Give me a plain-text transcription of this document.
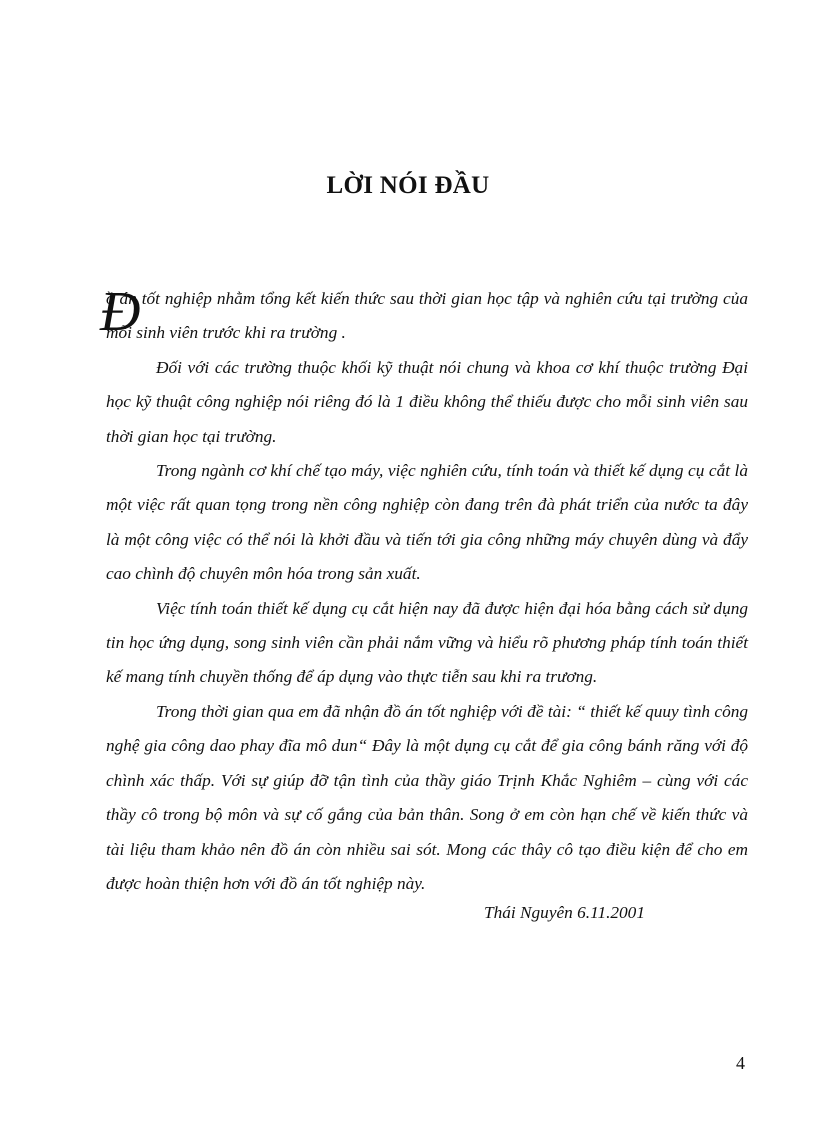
LỜI NÓI ĐẦU
Đ

ồ án tốt nghiệp nhằm tổng kết kiến thức sau thời gian học tập và nghiên cứu tại trường của mỗi sinh viên trước khi ra trường .

Đối với các trường thuộc khối kỹ thuật nói chung và khoa cơ khí thuộc trường Đại học kỹ thuật công nghiệp nói riêng đó là 1 điều không thể thiếu được cho mỗi sinh viên sau thời gian học tại trường.

Trong ngành cơ khí chế tạo máy, việc nghiên cứu, tính toán và thiết kế dụng cụ cắt là một việc rất quan tọng trong nền công nghiệp còn đang trên đà phát triển của nước ta đây là một công việc có thể nói là khởi đầu và tiến tới gia công những máy chuyên dùng và đẩy cao chình độ chuyên môn hóa trong sản xuất.

Việc tính toán thiết kế dụng cụ cắt hiện nay đã được hiện đại hóa bằng cách sử dụng tin học ứng dụng, song sinh viên cần phải nắm vững và hiểu rõ phương pháp tính toán thiết kế mang tính chuyền thống để áp dụng vào thực tiễn sau khi ra trương.

Trong thời gian qua em đã nhận đồ án tốt nghiệp với đề tài: “ thiết kế quuy tình công nghệ gia công dao phay đĩa mô dun“ Đây là một dụng cụ cắt để gia công bánh răng với độ chình xác thấp. Với sự giúp đỡ tận tình của thầy giáo Trịnh Khắc Nghiêm – cùng với các thầy cô trong bộ môn và sự cố gắng của bản thân. Song ở em còn hạn chế về kiến thức và tài liệu tham khảo nên đồ án còn nhiều sai sót. Mong các thây cô tạo điều kiện để cho em được hoàn thiện hơn với đồ án tốt nghiệp này.

Thái Nguyên 6.11.2001
4
